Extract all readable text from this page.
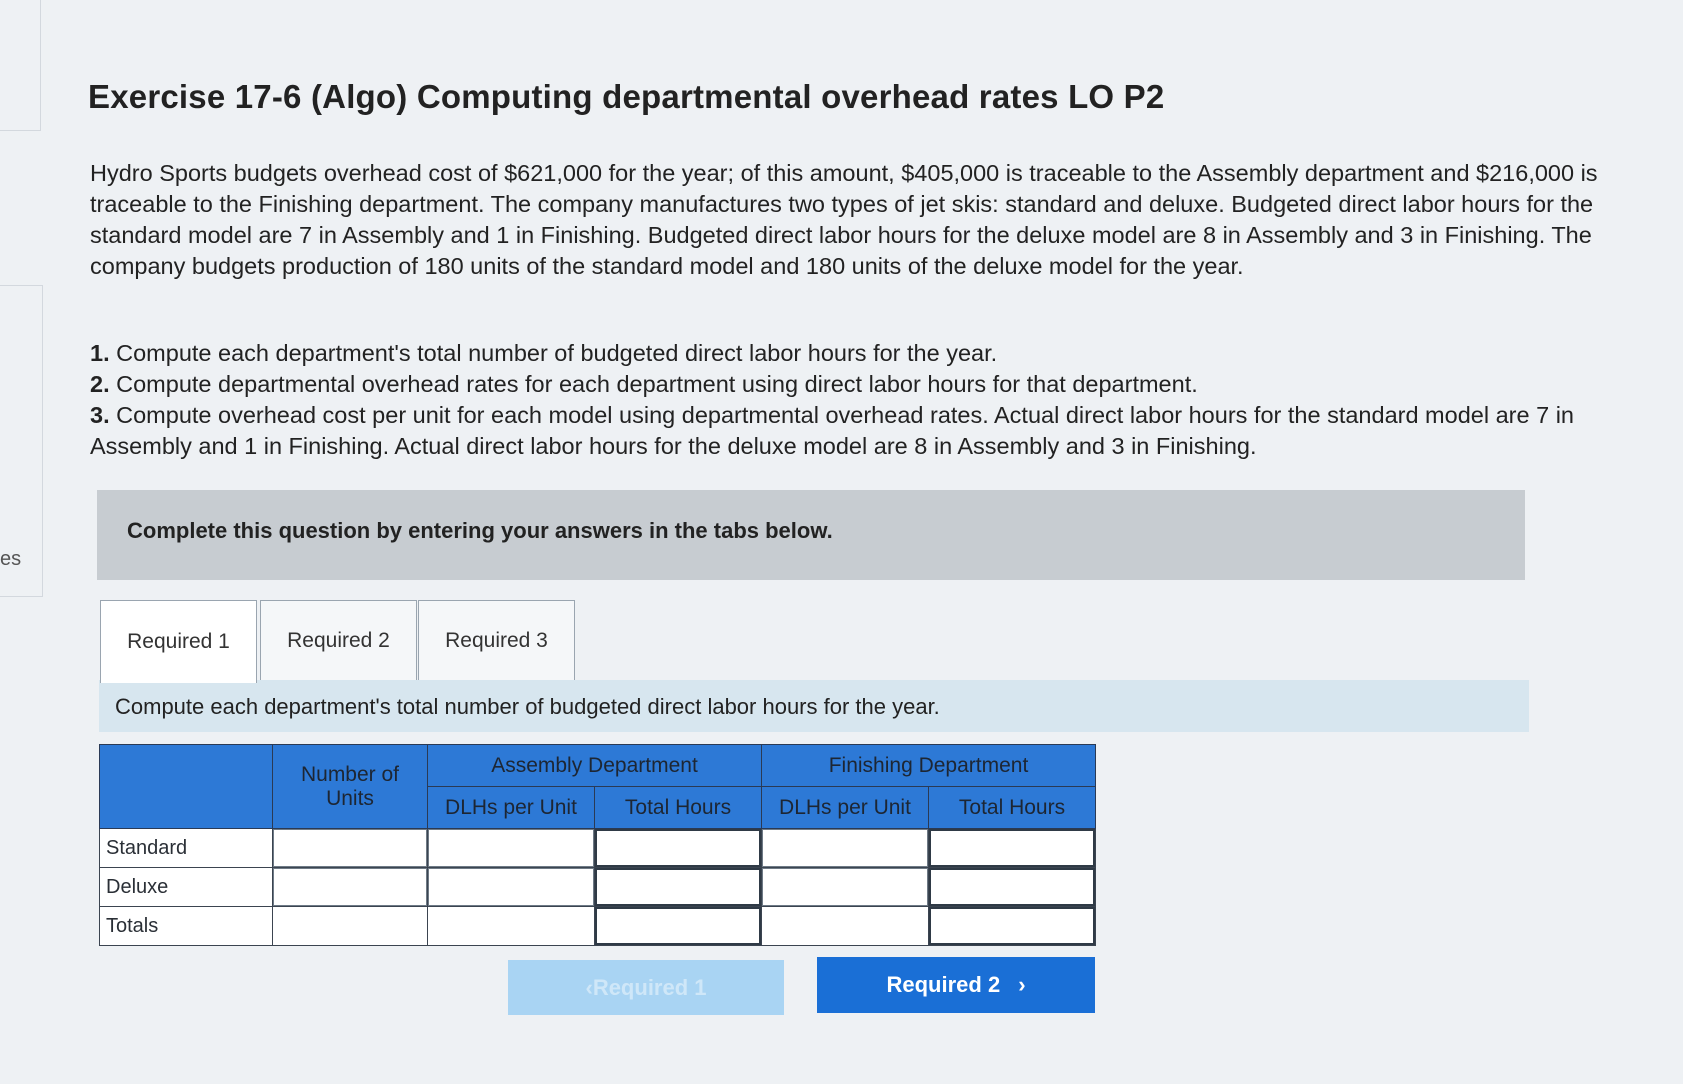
es
Exercise 17-6 (Algo) Computing departmental overhead rates LO P2

Hydro Sports budgets overhead cost of $621,000 for the year; of this amount, $405,000 is traceable to the Assembly department and $216,000 is traceable to the Finishing department. The company manufactures two types of jet skis: standard and deluxe. Budgeted direct labor hours for the standard model are 7 in Assembly and 1 in Finishing. Budgeted direct labor hours for the deluxe model are 8 in Assembly and 3 in Finishing. The company budgets production of 180 units of the standard model and 180 units of the deluxe model for the year.

1. Compute each department's total number of budgeted direct labor hours for the year.
2. Compute departmental overhead rates for each department using direct labor hours for that department.
3. Compute overhead cost per unit for each model using departmental overhead rates. Actual direct labor hours for the standard model are 7 in Assembly and 1 in Finishing. Actual direct labor hours for the deluxe model are 8 in Assembly and 3 in Finishing.
Complete this question by entering your answers in the tabs below.
Required 1	Required 2	Required 3
Compute each department's total number of budgeted direct labor hours for the year.
	Number of Units	Assembly Department		Finishing Department	
		DLHs per Unit	Total Hours	DLHs per Unit	Total Hours
Standard	

Deluxe	

Totals			

‹ Required 1	Required 2 ›
